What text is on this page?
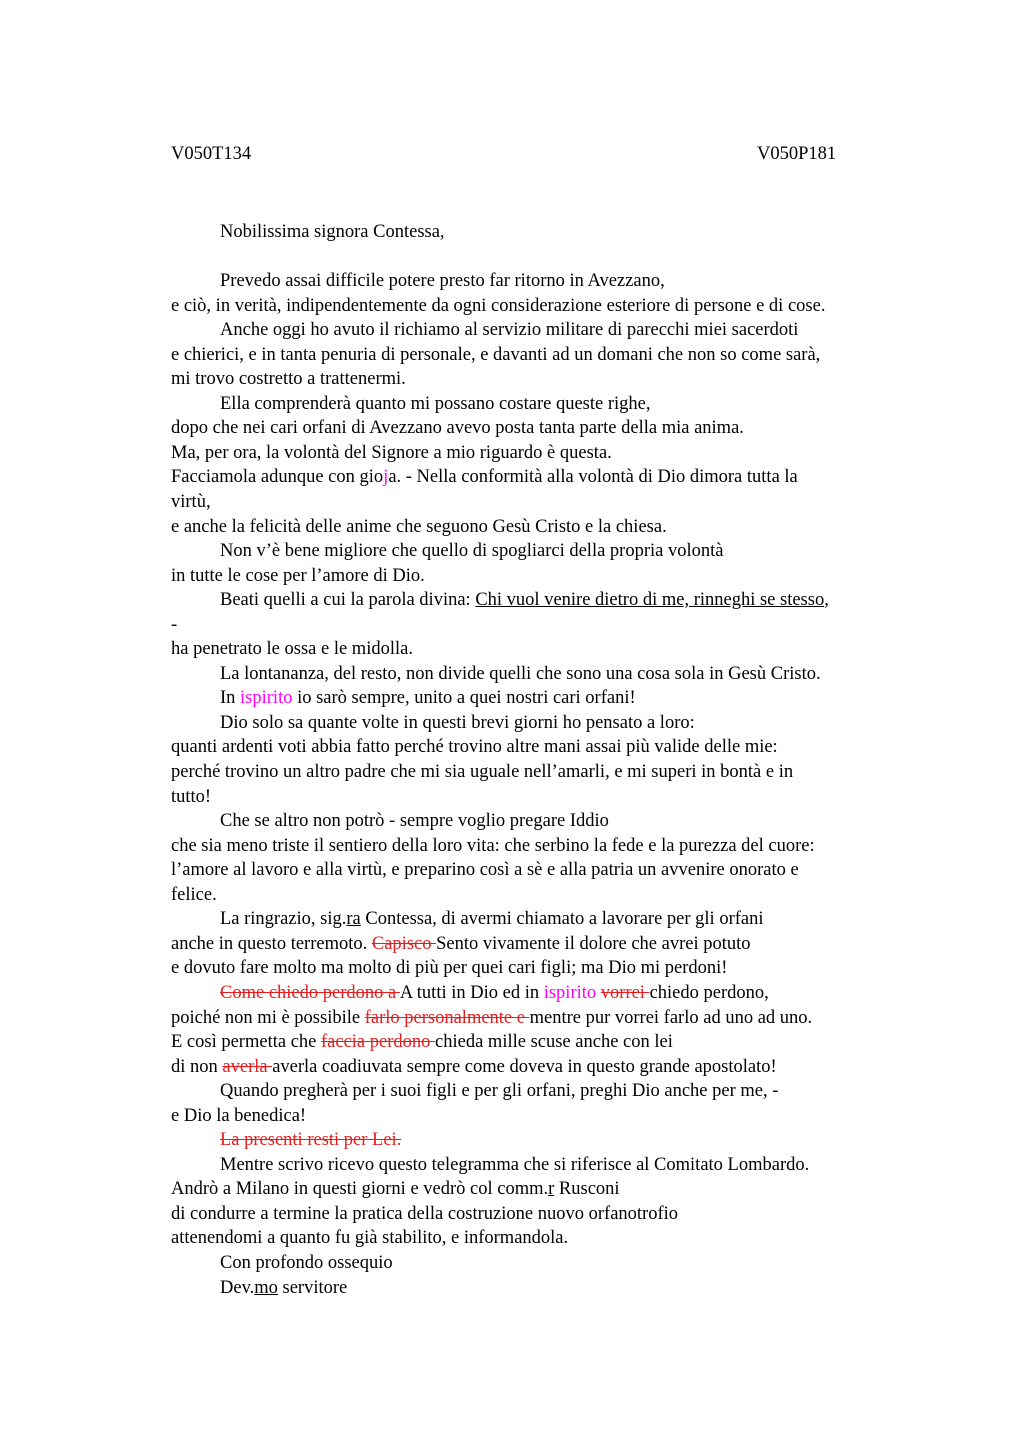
V050T134	V050P181
Nobilissima signora Contessa,
Prevedo assai difficile potere presto far ritorno in Avezzano,
e ciò, in verità, indipendentemente da ogni considerazione esteriore di persone e di cose.
Anche oggi ho avuto il richiamo al servizio militare di parecchi miei sacerdoti
e chierici, e in tanta penuria di personale, e davanti ad un domani che non so come sarà,
mi trovo costretto a trattenermi.
Ella comprenderà quanto mi possano costare queste righe,
dopo che nei cari orfani di Avezzano avevo posta tanta parte della mia anima.
Ma, per ora, la volontà del Signore a mio riguardo è questa.
Facciamola adunque con gioja. - Nella conformità alla volontà di Dio dimora tutta la
virtù,
e anche la felicità delle anime che seguono Gesù Cristo e la chiesa.
Non v’è bene migliore che quello di spogliarci della propria volontà
in tutte le cose per l’amore di Dio.
Beati quelli a cui la parola divina: Chi vuol venire dietro di me, rinneghi se stesso,
-
ha penetrato le ossa e le midolla.
La lontananza, del resto, non divide quelli che sono una cosa sola in Gesù Cristo.
In ispirito io sarò sempre, unito a quei nostri cari orfani!
Dio solo sa quante volte in questi brevi giorni ho pensato a loro:
quanti ardenti voti abbia fatto perché trovino altre mani assai più valide delle mie:
perché trovino un altro padre che mi sia uguale nell’amarli, e mi superi in bontà e in
tutto!
Che se altro non potrò - sempre voglio pregare Iddio
che sia meno triste il sentiero della loro vita: che serbino la fede e la purezza del cuore:
l’amore al lavoro e alla virtù, e preparino così a sè e alla patria un avvenire onorato e
felice.
La ringrazio, sig.ra Contessa, di avermi chiamato a lavorare per gli orfani
anche in questo terremoto. Capisco Sento vivamente il dolore che avrei potuto
e dovuto fare molto ma molto di più per quei cari figli; ma Dio mi perdoni!
Come chiedo perdono a A tutti in Dio ed in ispirito vorrei chiedo perdono,
poiché non mi è possibile farlo personalmente e mentre pur vorrei farlo ad uno ad uno.
E così permetta che faccia perdono chieda mille scuse anche con lei
di non averla averla coadiuvata sempre come doveva in questo grande apostolato!
Quando pregherà per i suoi figli e per gli orfani, preghi Dio anche per me, -
e Dio la benedica!
La presenti resti per Lei.
Mentre scrivo ricevo questo telegramma che si riferisce al Comitato Lombardo.
Andrò a Milano in questi giorni e vedrò col comm.r Rusconi
di condurre a termine la pratica della costruzione nuovo orfanotrofio
attenendomi a quanto fu già stabilito, e informandola.
Con profondo ossequio
Dev.mo servitore
